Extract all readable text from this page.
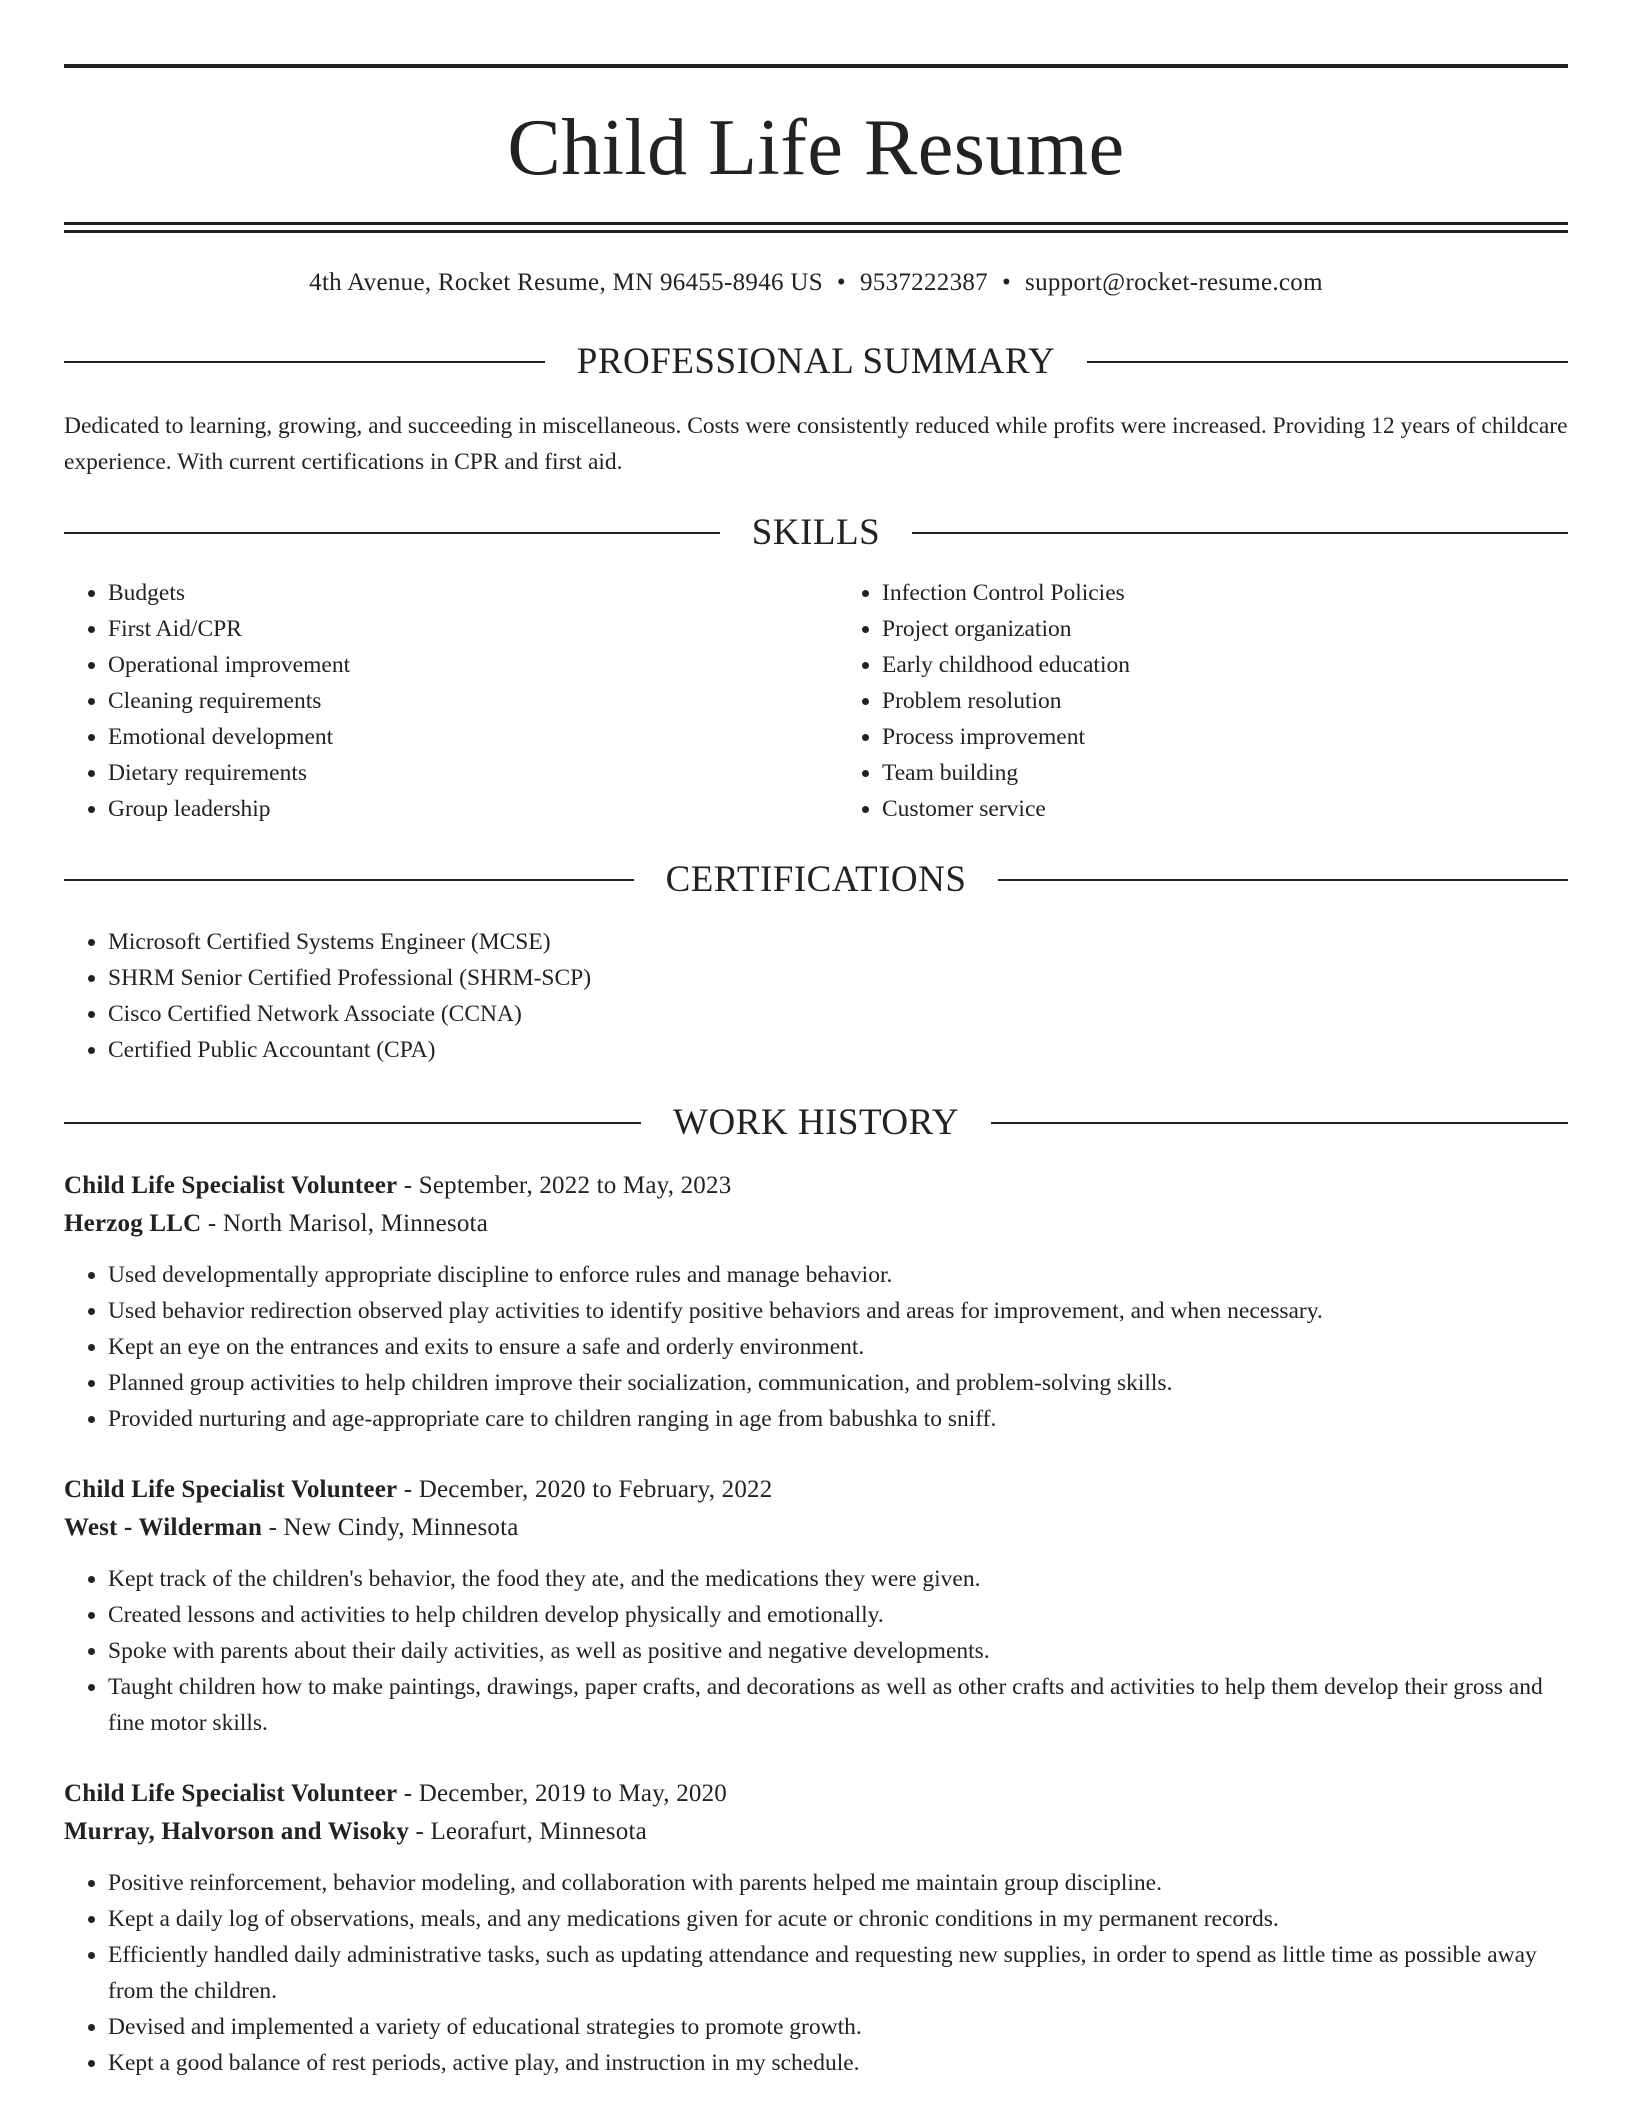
Child Life Resume
4th Avenue, Rocket Resume, MN 96455-8946 US • 9537222387 • support@rocket-resume.com
PROFESSIONAL SUMMARY

Dedicated to learning, growing, and succeeding in miscellaneous. Costs were consistently reduced while profits were increased. Providing 12 years of childcare experience. With current certifications in CPR and first aid.

SKILLS
• Budgets
• First Aid/CPR
• Operational improvement
• Cleaning requirements
• Emotional development
• Dietary requirements
• Group leadership
• Infection Control Policies
• Project organization
• Early childhood education
• Problem resolution
• Process improvement
• Team building
• Customer service
CERTIFICATIONS
• Microsoft Certified Systems Engineer (MCSE)
• SHRM Senior Certified Professional (SHRM-SCP)
• Cisco Certified Network Associate (CCNA)
• Certified Public Accountant (CPA)
WORK HISTORY
Child Life Specialist Volunteer - September, 2022 to May, 2023
Herzog LLC - North Marisol, Minnesota
• Used developmentally appropriate discipline to enforce rules and manage behavior.
• Used behavior redirection observed play activities to identify positive behaviors and areas for improvement, and when necessary.
• Kept an eye on the entrances and exits to ensure a safe and orderly environment.
• Planned group activities to help children improve their socialization, communication, and problem-solving skills.
• Provided nurturing and age-appropriate care to children ranging in age from babushka to sniff.
Child Life Specialist Volunteer - December, 2020 to February, 2022
West - Wilderman - New Cindy, Minnesota
• Kept track of the children's behavior, the food they ate, and the medications they were given.
• Created lessons and activities to help children develop physically and emotionally.
• Spoke with parents about their daily activities, as well as positive and negative developments.
• Taught children how to make paintings, drawings, paper crafts, and decorations as well as other crafts and activities to help them develop their gross and fine motor skills.
Child Life Specialist Volunteer - December, 2019 to May, 2020
Murray, Halvorson and Wisoky - Leorafurt, Minnesota
• Positive reinforcement, behavior modeling, and collaboration with parents helped me maintain group discipline.
• Kept a daily log of observations, meals, and any medications given for acute or chronic conditions in my permanent records.
• Efficiently handled daily administrative tasks, such as updating attendance and requesting new supplies, in order to spend as little time as possible away from the children.
• Devised and implemented a variety of educational strategies to promote growth.
• Kept a good balance of rest periods, active play, and instruction in my schedule.
